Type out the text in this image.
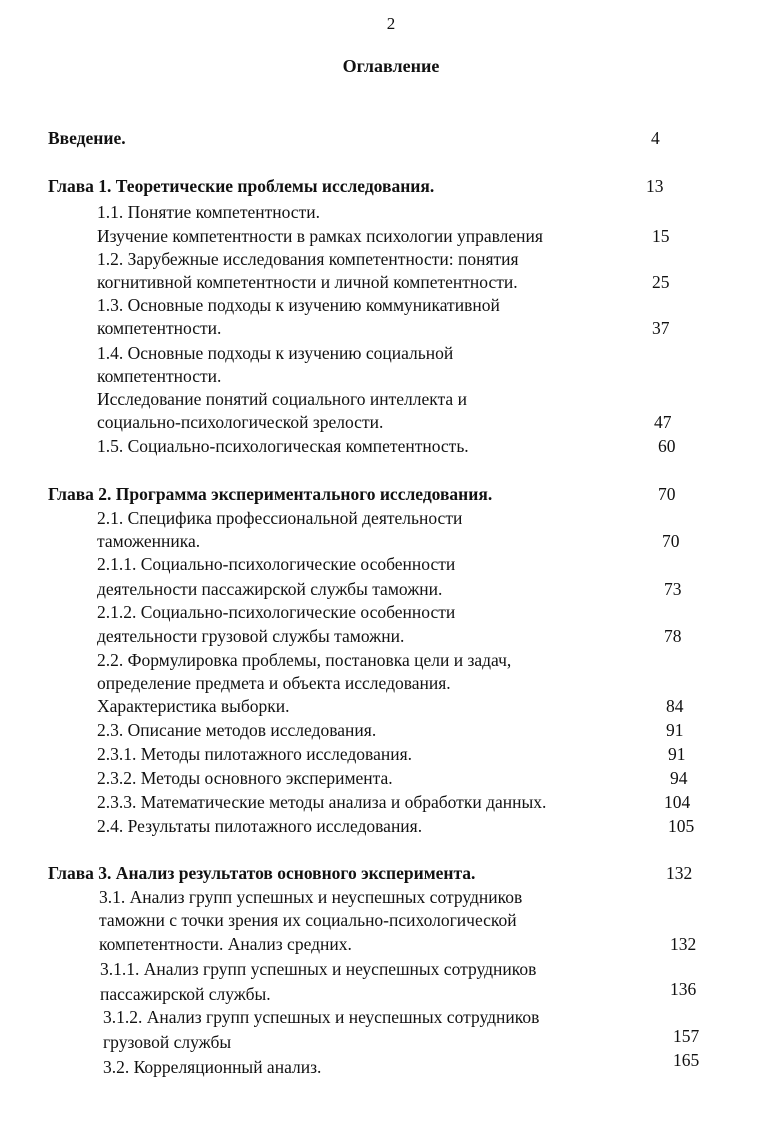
2
Оглавление
Введение.	4
Глава 1. Теоретические проблемы исследования.	13
1.1. Понятие компетентности.
Изучение компетентности в рамках психологии управления	15
1.2. Зарубежные исследования компетентности: понятия
когнитивной компетентности и личной компетентности.	25
1.3. Основные подходы к изучению коммуникативной
компетентности.	37
1.4. Основные подходы к изучению социальной
компетентности.
Исследование понятий социального интеллекта и
социально-психологической зрелости.	47
1.5. Социально-психологическая компетентность.	60
Глава 2. Программа экспериментального исследования.	70
2.1. Специфика профессиональной деятельности
таможенника.	70
2.1.1. Социально-психологические особенности
деятельности пассажирской службы таможни.	73
2.1.2. Социально-психологические особенности
деятельности грузовой службы таможни.	78
2.2. Формулировка проблемы, постановка цели и задач,
определение предмета и объекта исследования.
Характеристика выборки.	84
2.3. Описание методов исследования.	91
2.3.1. Методы пилотажного исследования.	91
2.3.2. Методы основного эксперимента.	94
2.3.3. Математические методы анализа и обработки данных.	104
2.4. Результаты пилотажного исследования.	105
Глава 3. Анализ результатов основного эксперимента.	132
3.1. Анализ групп успешных и неуспешных сотрудников
таможни с точки зрения их социально-психологической
компетентности. Анализ средних.	132
3.1.1. Анализ групп успешных и неуспешных сотрудников
пассажирской службы.	136
3.1.2. Анализ групп успешных и неуспешных сотрудников
грузовой службы	157
3.2. Корреляционный анализ.	165
